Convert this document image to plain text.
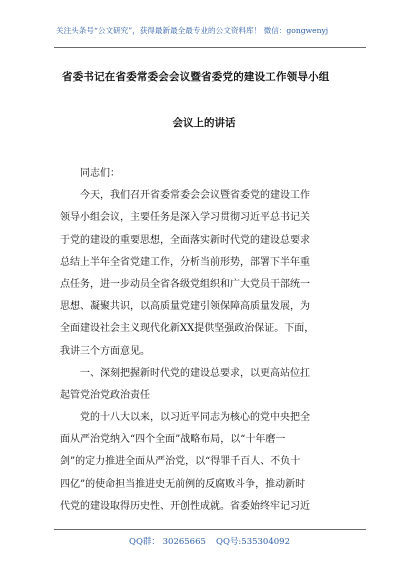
关注头条号“公文研究”，获得最新最全最专业的公文资料库！ 微信：gongwenyj
省委书记在省委常委会会议暨省委党的建设工作领导小组
会议上的讲话
同志们：
今天，我们召开省委常委会会议暨省委党的建设工作
领导小组会议，主要任务是深入学习贯彻习近平总书记关
于党的建设的重要思想，全面落实新时代党的建设总要求
总结上半年全省党建工作，分析当前形势，部署下半年重
点任务，进一步动员全省各级党组织和广大党员干部统一
思想、凝聚共识，以高质量党建引领保障高质量发展，为
全面建设社会主义现代化新XX提供坚强政治保证。下面，
我讲三个方面意见。
一、深刻把握新时代党的建设总要求，以更高站位扛
起管党治党政治责任
党的十八大以来，以习近平同志为核心的党中央把全
面从严治党纳入“四个全面”战略布局，以“十年磨一
剑”的定力推进全面从严治党，以“得罪千百人、不负十
四亿”的使命担当推进史无前例的反腐败斗争，推动新时
代党的建设取得历史性、开创性成就。省委始终牢记习近
QQ群： 30265665 QQ号:535304092
